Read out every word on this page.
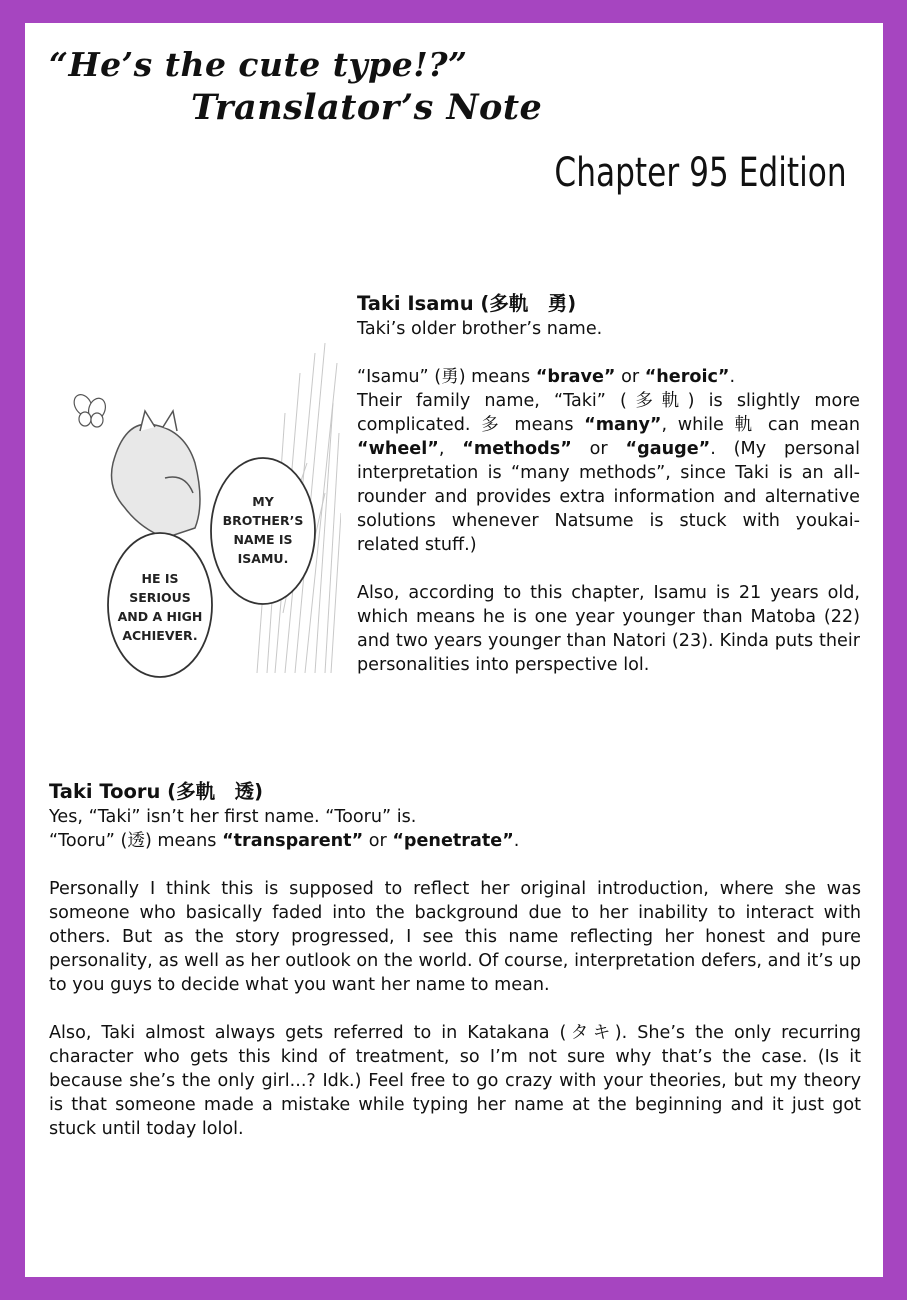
“He’s the cute type!?”
Translator’s Note
Chapter 95 Edition
MY
BROTHER’S
NAME IS
ISAMU.
HE IS
SERIOUS
AND A HIGH
ACHIEVER.

Taki Isamu (多軌　勇)

Taki’s older brother’s name.

“Isamu” (勇) means “brave” or “heroic”.

Their family name, “Taki” (多軌) is slightly more complicated. 多 means “many”, while 軌 can mean “wheel”, “methods” or “gauge”. (My personal interpretation is “many methods”, since Taki is an all-rounder and provides extra information and alternative solutions whenever Natsume is stuck with youkai-related stuff.)

Also, according to this chapter, Isamu is 21 years old, which means he is one year younger than Matoba (22) and two years younger than Natori (23). Kinda puts their personalities into perspective lol.

Taki Tooru (多軌　透)

Yes, “Taki” isn’t her first name. “Tooru” is.

“Tooru” (透) means “transparent” or “penetrate”.

Personally I think this is supposed to reflect her original introduction, where she was someone who basically faded into the background due to her inability to interact with others. But as the story progressed, I see this name reflecting her honest and pure personality, as well as her outlook on the world. Of course, interpretation defers, and it’s up to you guys to decide what you want her name to mean.

Also, Taki almost always gets referred to in Katakana (タキ). She’s the only recurring character who gets this kind of treatment, so I’m not sure why that’s the case. (Is it because she’s the only girl...? Idk.) Feel free to go crazy with your theories, but my theory is that someone made a mistake while typing her name at the beginning and it just got stuck until today lolol.
